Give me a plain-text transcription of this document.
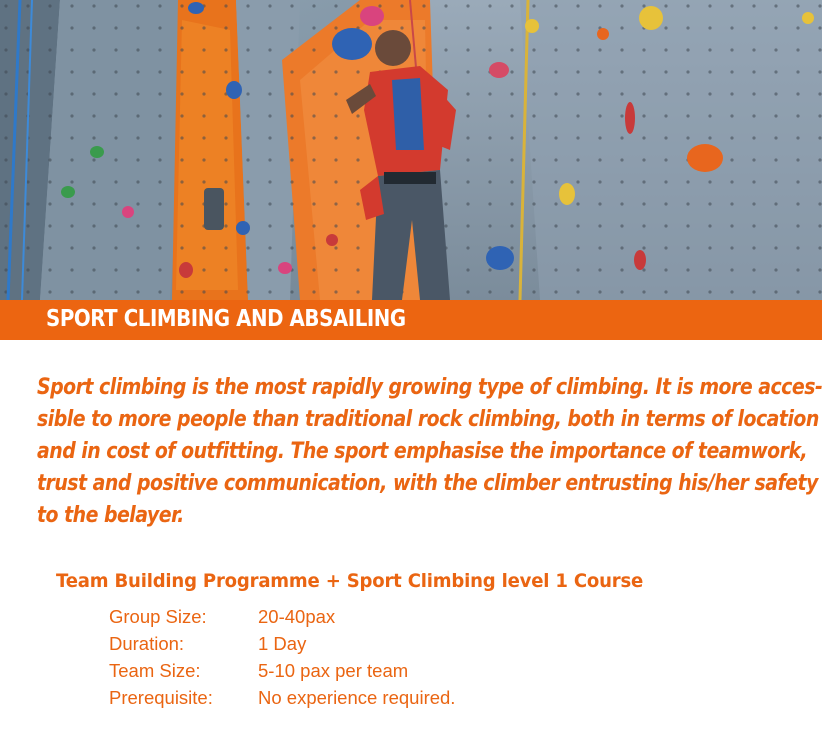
SPORT CLIMBING AND ABSAILING
Sport climbing is the most rapidly growing type of climbing. It is more acces-
sible to more people than traditional rock climbing, both in terms of location
and in cost of outfitting. The sport emphasise the importance of teamwork,
trust and positive communication, with the climber entrusting his/her safety
to the belayer.
Team Building Programme + Sport Climbing level 1 Course
Group Size:	20-40pax
Duration:	1 Day
Team Size:	5-10 pax per team
Prerequisite: No experience required.
